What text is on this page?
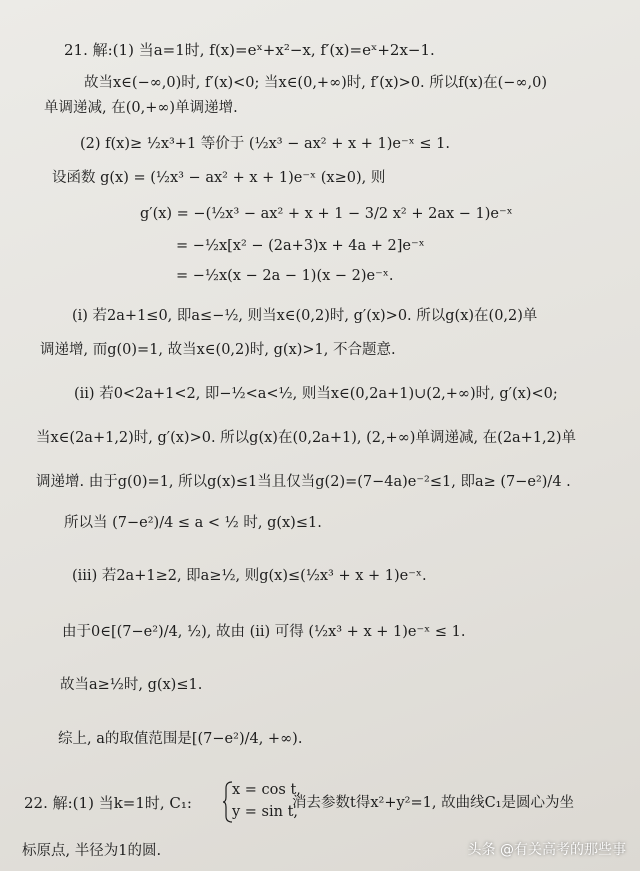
21. 解:(1) 当a=1时, f(x)=eˣ+x²−x, f′(x)=eˣ+2x−1.
故当x∈(−∞,0)时, f′(x)<0; 当x∈(0,+∞)时, f′(x)>0. 所以f(x)在(−∞,0)
单调递减, 在(0,+∞)单调递增.
(2) f(x)≥ ½x³+1 等价于 (½x³ − ax² + x + 1)e⁻ˣ ≤ 1.
设函数 g(x) = (½x³ − ax² + x + 1)e⁻ˣ (x≥0), 则
g′(x) = −(½x³ − ax² + x + 1 − 3/2 x² + 2ax − 1)e⁻ˣ
= −½x[x² − (2a+3)x + 4a + 2]e⁻ˣ
= −½x(x − 2a − 1)(x − 2)e⁻ˣ.
(ⅰ) 若2a+1≤0, 即a≤−½, 则当x∈(0,2)时, g′(x)>0. 所以g(x)在(0,2)单
调递增, 而g(0)=1, 故当x∈(0,2)时, g(x)>1, 不合题意.
(ⅱ) 若0<2a+1<2, 即−½<a<½, 则当x∈(0,2a+1)∪(2,+∞)时, g′(x)<0;
当x∈(2a+1,2)时, g′(x)>0. 所以g(x)在(0,2a+1), (2,+∞)单调递减, 在(2a+1,2)单
调递增. 由于g(0)=1, 所以g(x)≤1当且仅当g(2)=(7−4a)e⁻²≤1, 即a≥ (7−e²)/4 .
所以当 (7−e²)/4 ≤ a < ½ 时, g(x)≤1.
(ⅲ) 若2a+1≥2, 即a≥½, 则g(x)≤(½x³ + x + 1)e⁻ˣ.
由于0∈[(7−e²)/4, ½), 故由 (ⅱ) 可得 (½x³ + x + 1)e⁻ˣ ≤ 1.
故当a≥½时, g(x)≤1.
综上, a的取值范围是[(7−e²)/4, +∞).
22. 解:(1) 当k=1时, C₁:
x = cos t,
y = sin t,
消去参数t得x²+y²=1, 故曲线C₁是圆心为坐
标原点, 半径为1的圆.	头条 @有关高考的那些事
